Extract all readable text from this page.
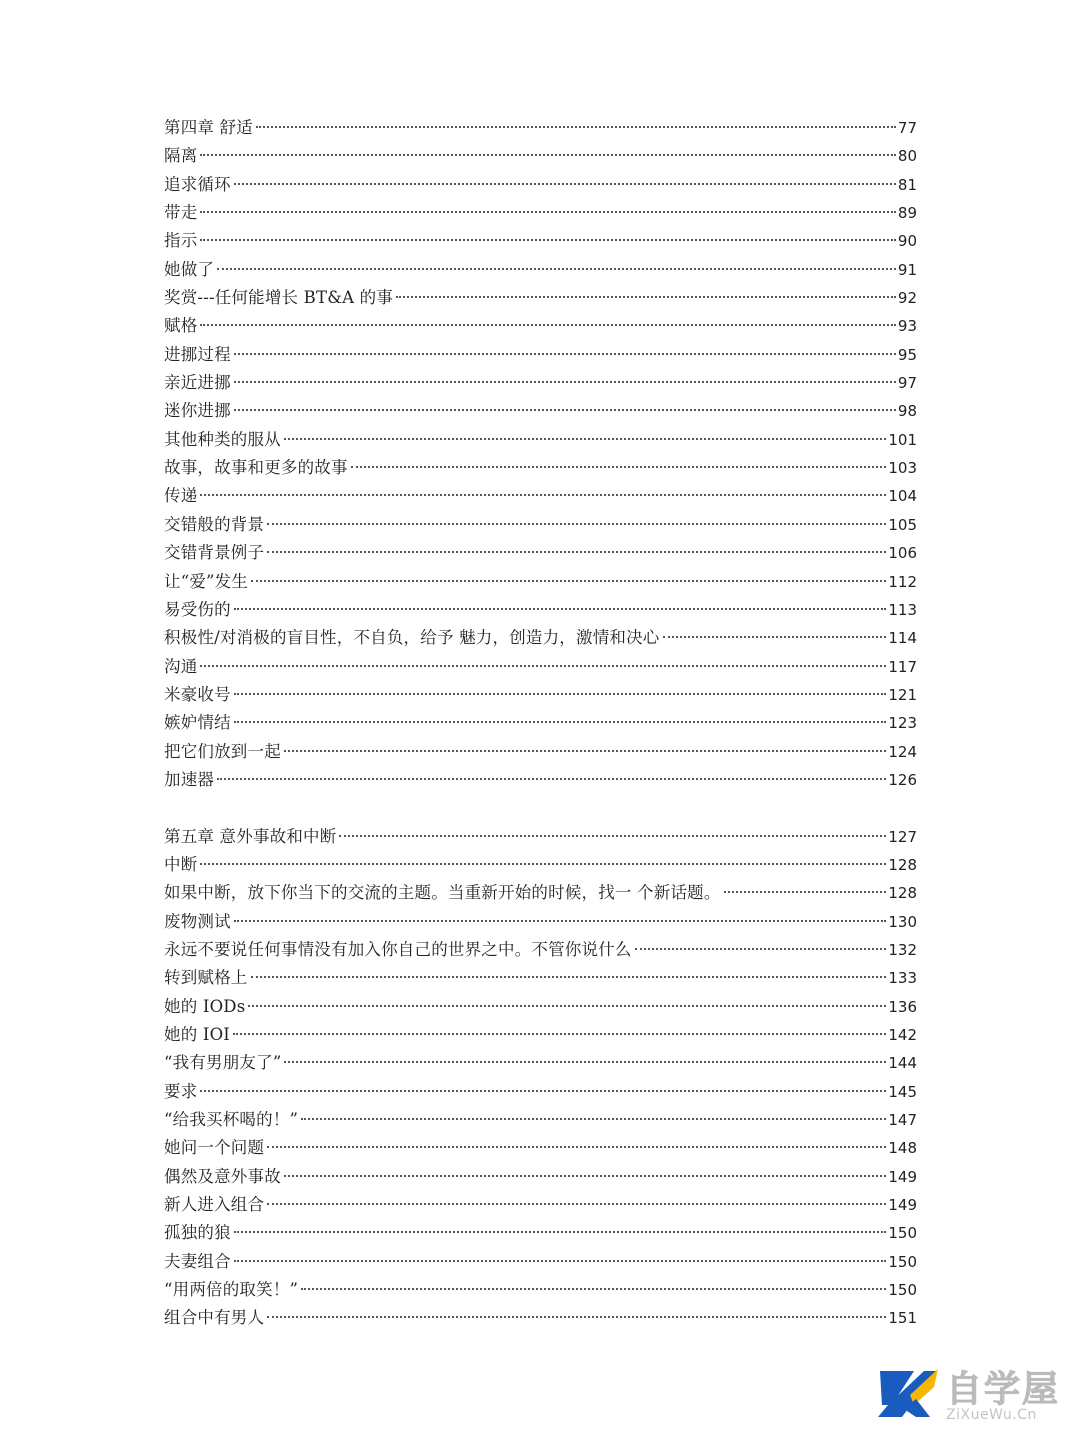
第四章 舒适	77
隔离	80
追求循环	81
带走	89
指示	90
她做了	91
奖赏---任何能增长 BT&A 的事	92
赋格	93
进挪过程	95
亲近进挪	97
迷你进挪	98
其他种类的服从	101
故事，故事和更多的故事	103
传递	104
交错般的背景	105
交错背景例子	106
让“爱”发生	112
易受伤的	113
积极性/对消极的盲目性，不自负，给予 魅力，创造力，激情和决心	114
沟通	117
米豪收号	121
嫉妒情结	123
把它们放到一起	124
加速器	126
第五章 意外事故和中断	127
中断	128
如果中断，放下你当下的交流的主题。当重新开始的时候，找一 个新话题。	128
废物测试	130
永远不要说任何事情没有加入你自己的世界之中。不管你说什么	132
转到赋格上	133
她的 IODs	136
她的 IOI	142
“我有男朋友了”	144
要求	145
“给我买杯喝的！”	147
她问一个问题	148
偶然及意外事故	149
新人进入组合	149
孤独的狼	150
夫妻组合	150
“用两倍的取笑！”	150
组合中有男人	151
自学屋
ZiXueWu.Cn
